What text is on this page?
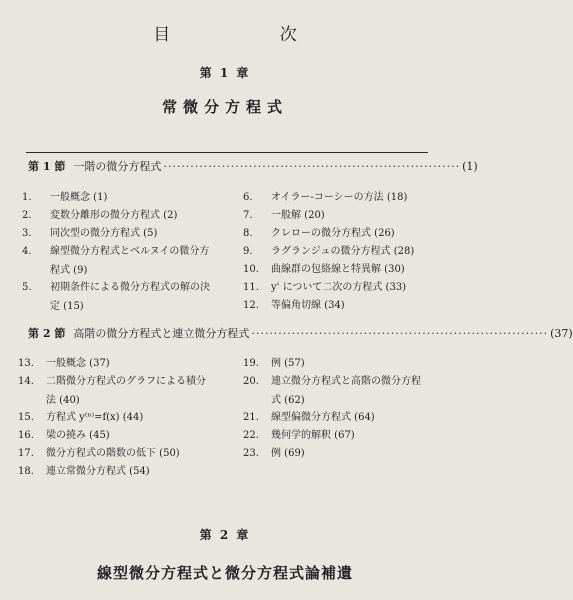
目 次
第 1 章
常微分方程式
第 1 節 一階の微分方程式 ·································································· (1)
1. 一般概念 (1)
2. 変数分離形の微分方程式 (2)
3. 同次型の微分方程式 (5)
4. 線型微分方程式とベルヌイの微分方
程式 (9)
5. 初期条件による微分方程式の解の決
定 (15)
6. オイラー-コーシーの方法 (18)
7. 一般解 (20)
8. クレローの微分方程式 (26)
9. ラグランジュの微分方程式 (28)
10. 曲線群の包絡線と特異解 (30)
11. y' について二次の方程式 (33)
12. 等偏角切線 (34)
第 2 節 高階の微分方程式と連立微分方程式 ·································································· (37)
13. 一般概念 (37)
14. 二階微分方程式のグラフによる積分
法 (40)
15. 方程式 y⁽ⁿ⁾=f(x) (44)
16. 梁の撓み (45)
17. 微分方程式の階数の低下 (50)
18. 連立常微分方程式 (54)
19. 例 (57)
20. 連立微分方程式と高階の微分方程
式 (62)
21. 線型偏微分方程式 (64)
22. 幾何学的解釈 (67)
23. 例 (69)
第 2 章
線型微分方程式と微分方程式論補遺
